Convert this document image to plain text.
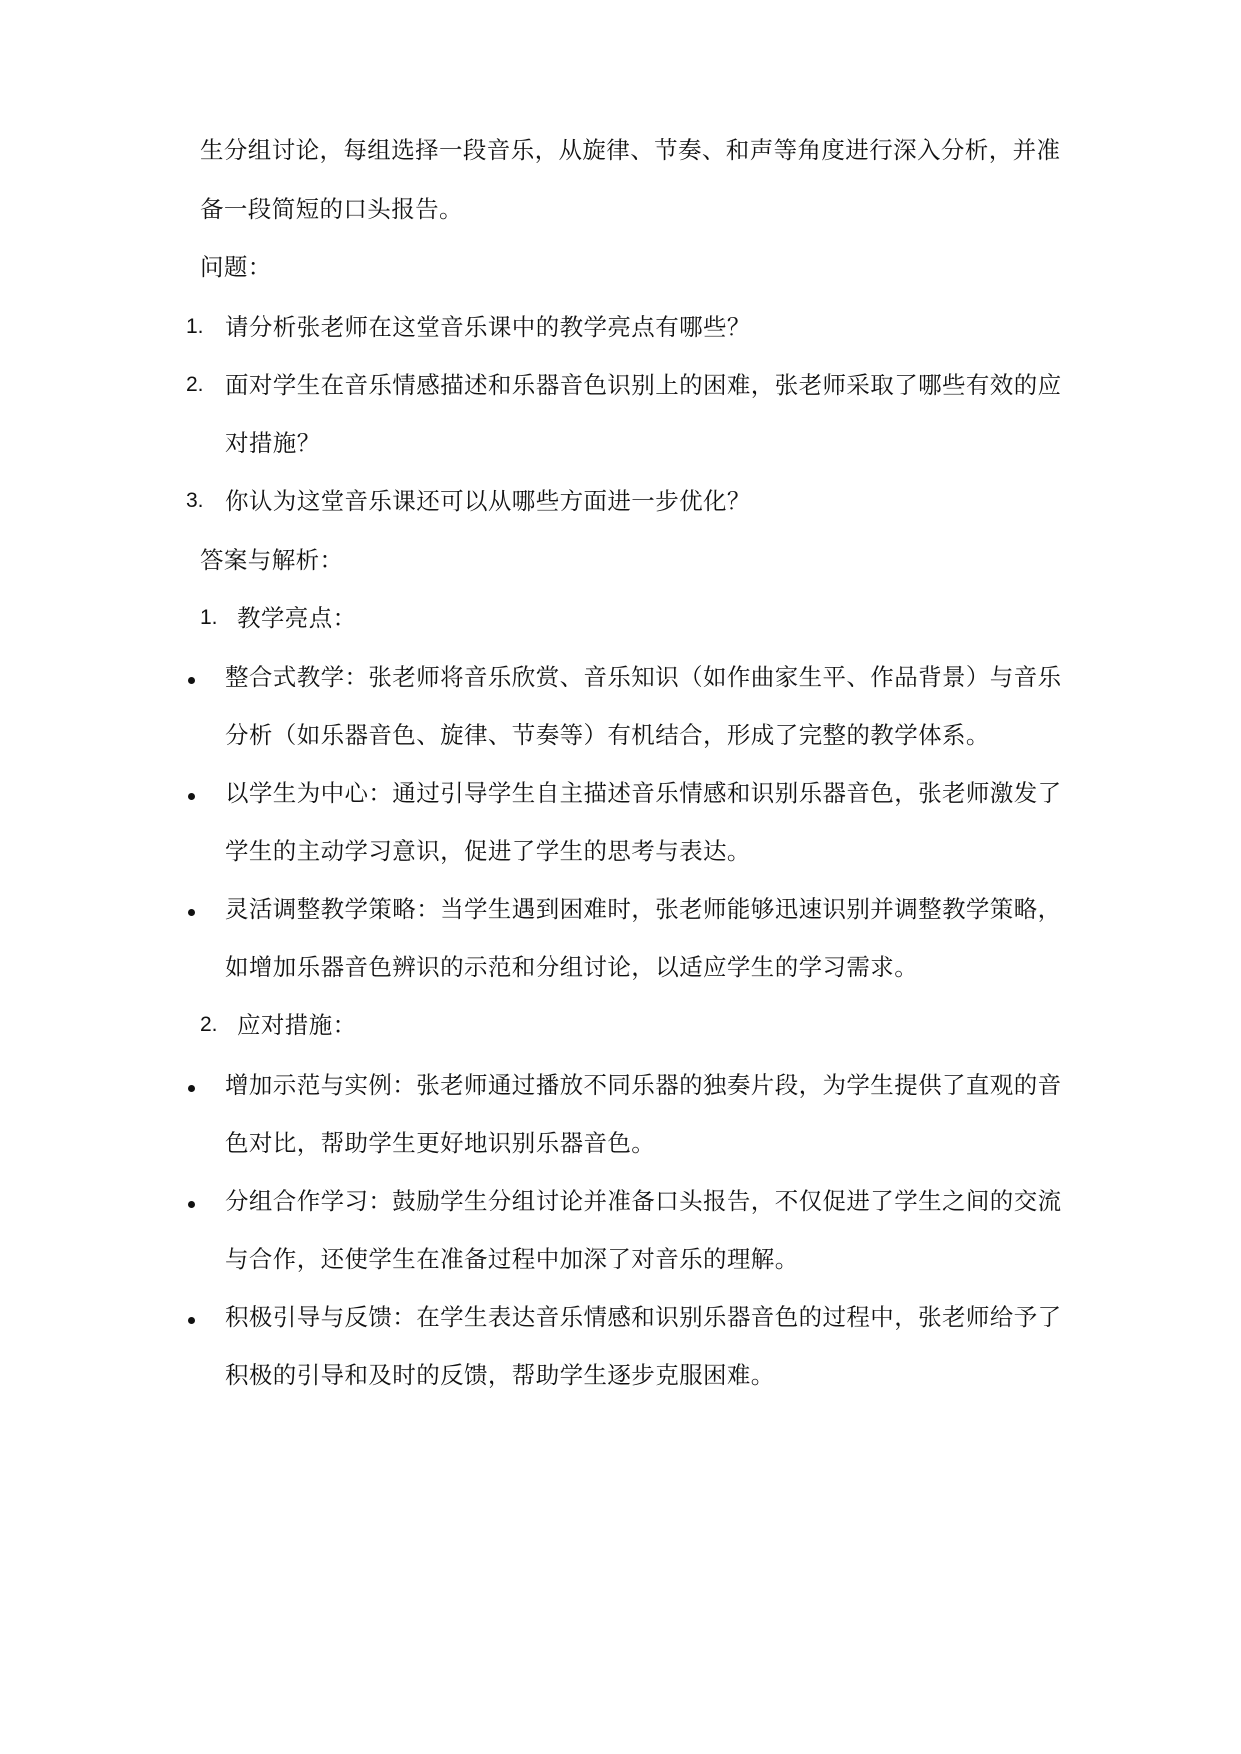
生分组讨论，每组选择一段音乐，从旋律、节奏、和声等角度进行深入分析，并准
备一段简短的口头报告。
问题：
1. 请分析张老师在这堂音乐课中的教学亮点有哪些？
2. 面对学生在音乐情感描述和乐器音色识别上的困难，张老师采取了哪些有效的应
对措施？
3. 你认为这堂音乐课还可以从哪些方面进一步优化？
答案与解析：
1. 教学亮点：
整合式教学：张老师将音乐欣赏、音乐知识（如作曲家生平、作品背景）与音乐
分析（如乐器音色、旋律、节奏等）有机结合，形成了完整的教学体系。
以学生为中心：通过引导学生自主描述音乐情感和识别乐器音色，张老师激发了
学生的主动学习意识，促进了学生的思考与表达。
灵活调整教学策略：当学生遇到困难时，张老师能够迅速识别并调整教学策略，
如增加乐器音色辨识的示范和分组讨论，以适应学生的学习需求。
2. 应对措施：
增加示范与实例：张老师通过播放不同乐器的独奏片段，为学生提供了直观的音
色对比，帮助学生更好地识别乐器音色。
分组合作学习：鼓励学生分组讨论并准备口头报告，不仅促进了学生之间的交流
与合作，还使学生在准备过程中加深了对音乐的理解。
积极引导与反馈：在学生表达音乐情感和识别乐器音色的过程中，张老师给予了
积极的引导和及时的反馈，帮助学生逐步克服困难。
